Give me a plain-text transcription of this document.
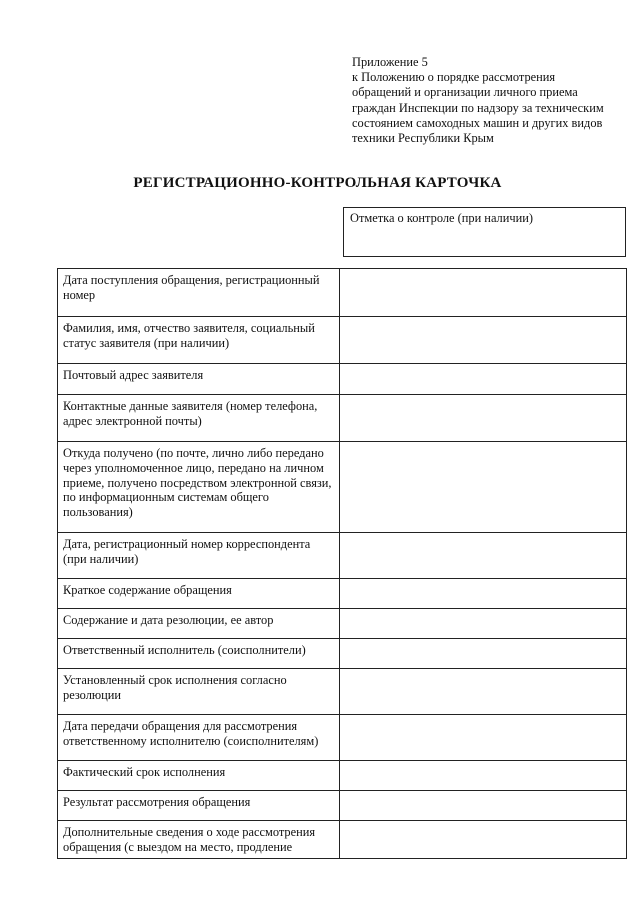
Приложение 5
к Положению о порядке рассмотрения
обращений и организации личного приема
граждан Инспекции по надзору за техническим
состоянием самоходных машин и других видов
техники Республики Крым
РЕГИСТРАЦИОННО-КОНТРОЛЬНАЯ КАРТОЧКА
Отметка о контроле (при наличии)
Дата поступления обращения, регистрационный номер	
Фамилия, имя, отчество заявителя, социальный статус заявителя (при наличии)	
Почтовый адрес заявителя	
Контактные данные заявителя (номер телефона, адрес электронной почты)	
Откуда получено (по почте, лично либо передано через уполномоченное лицо, передано на личном приеме, получено посредством электронной связи, по информационным системам общего пользования)	
Дата, регистрационный номер корреспондента (при наличии)	
Краткое содержание обращения	
Содержание и дата резолюции, ее автор	
Ответственный исполнитель (соисполнители)	
Установленный срок исполнения согласно резолюции	
Дата передачи обращения для рассмотрения ответственному исполнителю (соисполнителям)	
Фактический срок исполнения	
Результат рассмотрения обращения	
Дополнительные сведения о ходе рассмотрения обращения (с выездом на место, продление	
